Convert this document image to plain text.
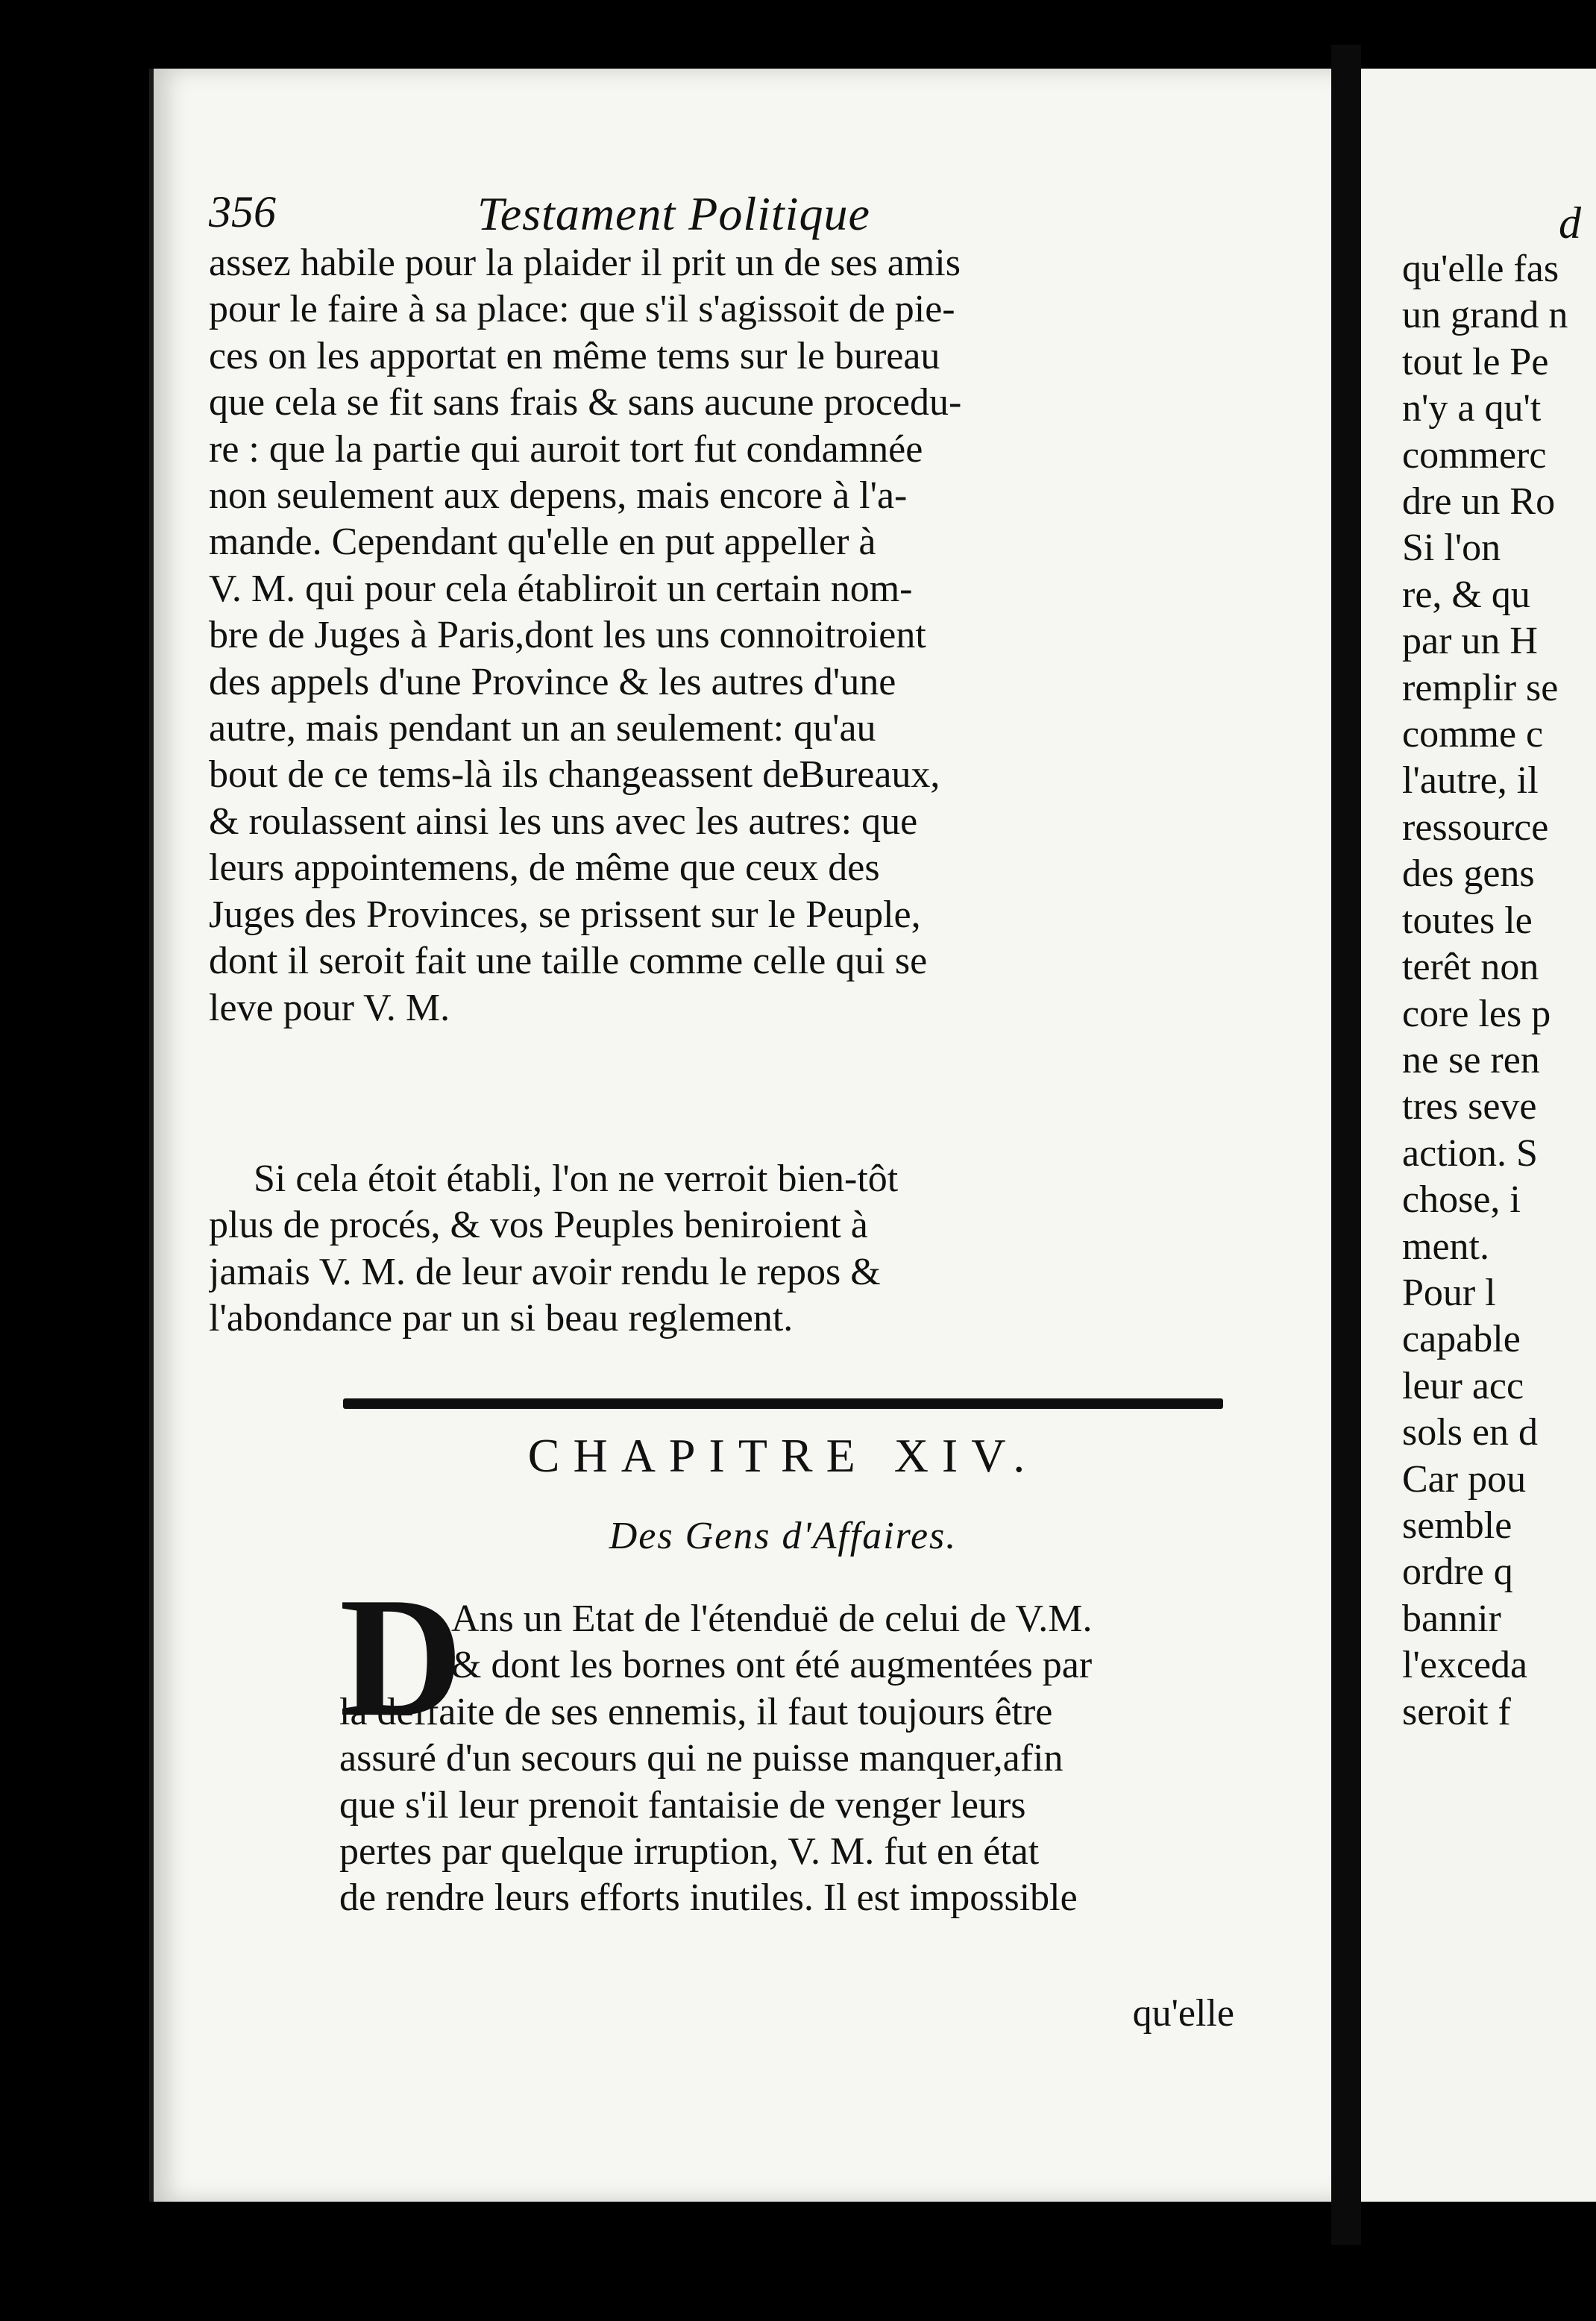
356	Testament Politique
assez habile pour la plaider il prit un de ses amis
pour le faire à sa place: que s'il s'agissoit de pie-
ces on les apportat en même tems sur le bureau
que cela se fit sans frais & sans aucune procedu-
re : que la partie qui auroit tort fut condamnée
non seulement aux depens, mais encore à l'a-
mande. Cependant qu'elle en put appeller à
V. M. qui pour cela établiroit un certain nom-
bre de Juges à Paris,dont les uns connoitroient
des appels d'une Province & les autres d'une
autre, mais pendant un an seulement: qu'au
bout de ce tems-là ils changeassent deBureaux,
& roulassent ainsi les uns avec les autres: que
leurs appointemens, de même que ceux des
Juges des Provinces, se prissent sur le Peuple,
dont il seroit fait une taille comme celle qui se
leve pour V. M.
Si cela étoit établi, l'on ne verroit bien-tôt
plus de procés, & vos Peuples beniroient à
jamais V. M. de leur avoir rendu le repos &
l'abondance par un si beau reglement.
CHAPITRE XIV.
Des Gens d'Affaires.
D
Ans un Etat de l'étenduë de celui de V.M.
& dont les bornes ont été augmentées par
la deffaite de ses ennemis, il faut toujours être
assuré d'un secours qui ne puisse manquer,afin
que s'il leur prenoit fantaisie de venger leurs
pertes par quelque irruption, V. M. fut en état
de rendre leurs efforts inutiles. Il est impossible
qu'elle
d
qu'elle fas
un grand n
tout le Pe
n'y a qu't
commerc
dre un Ro
Si l'on
re, & qu
par un H
remplir se
comme c
l'autre, il
ressource
des gens
toutes le
terêt non
core les p
ne se ren
tres seve
action. S
chose, i
ment.
Pour l
capable
leur acc
sols en d
Car pou
semble
ordre q
bannir
l'exceda
seroit f
